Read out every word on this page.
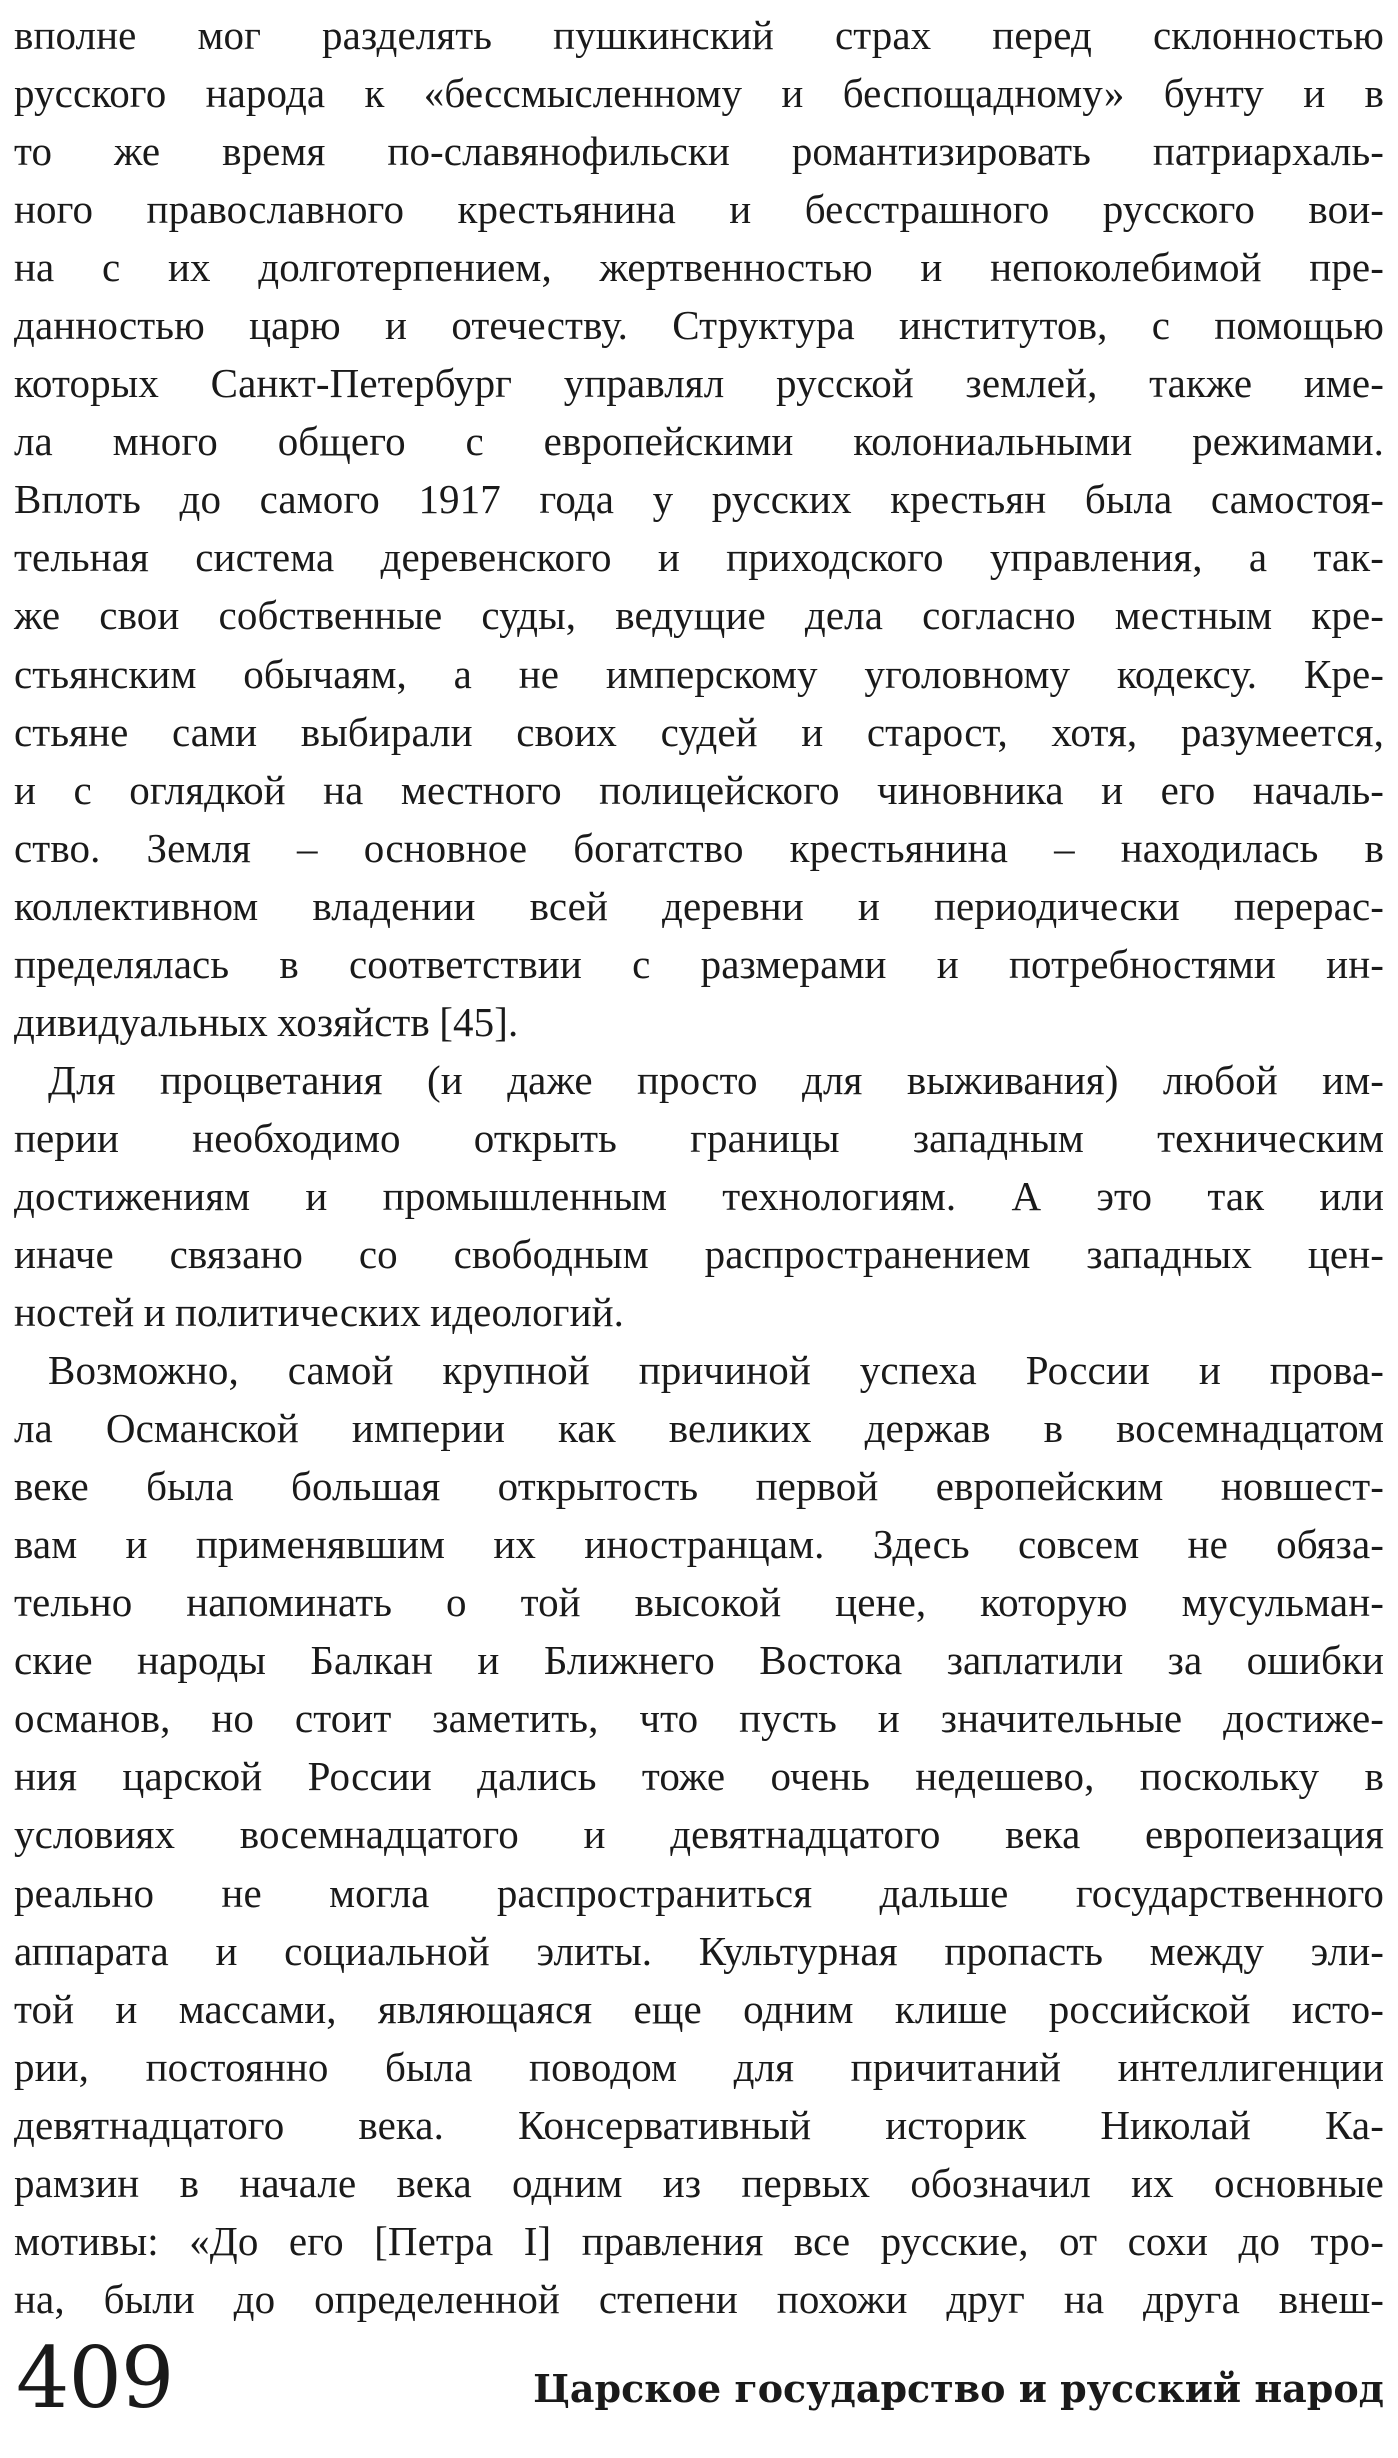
вполне мог разделять пушкинский страх перед склонностью
русского народа к «бессмысленному и беспощадному» бунту и в
то же время по-славянофильски романтизировать патриархаль-
ного православного крестьянина и бесстрашного русского вои-
на с их долготерпением, жертвенностью и непоколебимой пре-
данностью царю и отечеству. Структура институтов, с помощью
которых Санкт-Петербург управлял русской землей, также име-
ла много общего с европейскими колониальными режимами.
Вплоть до самого 1917 года у русских крестьян была самостоя-
тельная система деревенского и приходского управления, а так-
же свои собственные суды, ведущие дела согласно местным кре-
стьянским обычаям, а не имперскому уголовному кодексу. Кре-
стьяне сами выбирали своих судей и старост, хотя, разумеется,
и с оглядкой на местного полицейского чиновника и его началь-
ство. Земля – основное богатство крестьянина – находилась в
коллективном владении всей деревни и периодически перерас-
пределялась в соответствии с размерами и потребностями ин-
дивидуальных хозяйств [45].
Для процветания (и даже просто для выживания) любой им-
перии необходимо открыть границы западным техническим
достижениям и промышленным технологиям. А это так или
иначе связано со свободным распространением западных цен-
ностей и политических идеологий.
Возможно, самой крупной причиной успеха России и прова-
ла Османской империи как великих держав в восемнадцатом
веке была большая открытость первой европейским новшест-
вам и применявшим их иностранцам. Здесь совсем не обяза-
тельно напоминать о той высокой цене, которую мусульман-
ские народы Балкан и Ближнего Востока заплатили за ошибки
османов, но стоит заметить, что пусть и значительные достиже-
ния царской России дались тоже очень недешево, поскольку в
условиях восемнадцатого и девятнадцатого века европеизация
реально не могла распространиться дальше государственного
аппарата и социальной элиты. Культурная пропасть между эли-
той и массами, являющаяся еще одним клише российской исто-
рии, постоянно была поводом для причитаний интеллигенции
девятнадцатого века. Консервативный историк Николай Ка-
рамзин в начале века одним из первых обозначил их основные
мотивы: «До его [Петра I] правления все русские, от сохи до тро-
на, были до определенной степени похожи друг на друга внеш-
409	Царское государство и русский народ
